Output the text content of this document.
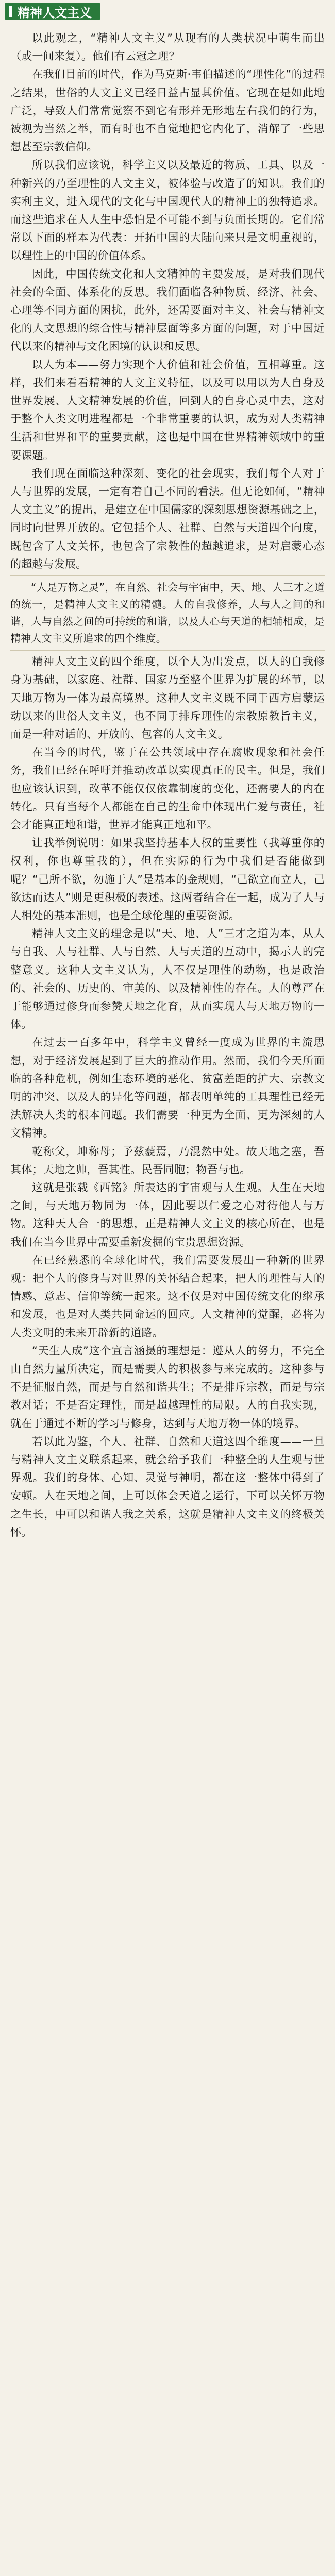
精神人文主义

以此观之，“精神人文主义”从现有的人类状况中萌生而出（或一间来复）。他们有云冠之理？

在我们目前的时代，作为马克斯·韦伯描述的“理性化”的过程之结果，世俗的人文主义已经日益占显其价值。它现在是如此地广泛，导致人们常常觉察不到它有形并无形地左右我们的行为，被视为当然之举，而有时也不自觉地把它内化了，消解了一些思想甚至宗教信仰。

所以我们应该说，科学主义以及最近的物质、工具、以及一种新兴的乃至理性的人文主义，被体验与改造了的知识。我们的实利主义，进入现代的文化与中国现代人的精神上的独特追求。而这些追求在人人生中恐怕是不可能不到与负面长期的。它们常常以下面的样本为代表：开拓中国的大陆向来只是文明重视的，以理性上的中国的价值体系。

因此，中国传统文化和人文精神的主要发展，是对我们现代社会的全面、体系化的反思。我们面临各种物质、经济、社会、心理等不同方面的困扰，此外，还需要面对主义、社会与精神文化的人文思想的综合性与精神层面等多方面的问题，对于中国近代以来的精神与文化困境的认识和反思。

以人为本——努力实现个人价值和社会价值，互相尊重。这样，我们来看看精神的人文主义特征，以及可以用以为人自身及世界发展、人文精神发展的价值，回到人的自身心灵中去，这对于整个人类文明进程都是一个非常重要的认识，成为对人类精神生活和世界和平的重要贡献，这也是中国在世界精神领域中的重要课题。

我们现在面临这种深刻、变化的社会现实，我们每个人对于人与世界的发展，一定有着自己不同的看法。但无论如何，“精神人文主义”的提出，是建立在中国儒家的深刻思想资源基础之上，同时向世界开放的。它包括个人、社群、自然与天道四个向度，既包含了人文关怀，也包含了宗教性的超越追求，是对启蒙心态的超越与发展。

“人是万物之灵”，在自然、社会与宇宙中，天、地、人三才之道的统一，是精神人文主义的精髓。人的自我修养，人与人之间的和谐，人与自然之间的可持续的和谐，以及人心与天道的相辅相成，是精神人文主义所追求的四个维度。

精神人文主义的四个维度，以个人为出发点，以人的自我修身为基础，以家庭、社群、国家乃至整个世界为扩展的环节，以天地万物为一体为最高境界。这种人文主义既不同于西方启蒙运动以来的世俗人文主义，也不同于排斥理性的宗教原教旨主义，而是一种对话的、开放的、包容的人文主义。

在当今的时代，鉴于在公共领域中存在腐败现象和社会任务，我们已经在呼吁并推动改革以实现真正的民主。但是，我们也应该认识到，改革不能仅仅依靠制度的变化，还需要人的内在转化。只有当每个人都能在自己的生命中体现出仁爱与责任，社会才能真正地和谐，世界才能真正地和平。

让我举例说明：如果我坚持基本人权的重要性（我尊重你的权利，你也尊重我的），但在实际的行为中我们是否能做到呢？“己所不欲，勿施于人”是基本的金规则，“己欲立而立人，己欲达而达人”则是更积极的表述。这两者结合在一起，成为了人与人相处的基本准则，也是全球伦理的重要资源。

精神人文主义的理念是以“天、地、人”三才之道为本，从人与自我、人与社群、人与自然、人与天道的互动中，揭示人的完整意义。这种人文主义认为，人不仅是理性的动物，也是政治的、社会的、历史的、审美的、以及精神性的存在。人的尊严在于能够通过修身而参赞天地之化育，从而实现人与天地万物的一体。

在过去一百多年中，科学主义曾经一度成为世界的主流思想，对于经济发展起到了巨大的推动作用。然而，我们今天所面临的各种危机，例如生态环境的恶化、贫富差距的扩大、宗教文明的冲突、以及人的异化等问题，都表明单纯的工具理性已经无法解决人类的根本问题。我们需要一种更为全面、更为深刻的人文精神。

乾称父，坤称母；予兹藐焉，乃混然中处。故天地之塞，吾其体；天地之帅，吾其性。民吾同胞；物吾与也。

这就是张载《西铭》所表达的宇宙观与人生观。人生在天地之间，与天地万物同为一体，因此要以仁爱之心对待他人与万物。这种天人合一的思想，正是精神人文主义的核心所在，也是我们在当今世界中需要重新发掘的宝贵思想资源。

在已经熟悉的全球化时代，我们需要发展出一种新的世界观：把个人的修身与对世界的关怀结合起来，把人的理性与人的情感、意志、信仰等统一起来。这不仅是对中国传统文化的继承和发展，也是对人类共同命运的回应。人文精神的觉醒，必将为人类文明的未来开辟新的道路。

“天生人成”这个宣言涵摄的理想是：遵从人的努力，不完全由自然力量所决定，而是需要人的积极参与来完成的。这种参与不是征服自然，而是与自然和谐共生；不是排斥宗教，而是与宗教对话；不是否定理性，而是超越理性的局限。人的自我实现，就在于通过不断的学习与修身，达到与天地万物一体的境界。

若以此为鉴，个人、社群、自然和天道这四个维度——一旦与精神人文主义联系起来，就会给予我们一种整全的人生观与世界观。我们的身体、心知、灵觉与神明，都在这一整体中得到了安顿。人在天地之间，上可以体会天道之运行，下可以关怀万物之生长，中可以和谐人我之关系，这就是精神人文主义的终极关怀。
